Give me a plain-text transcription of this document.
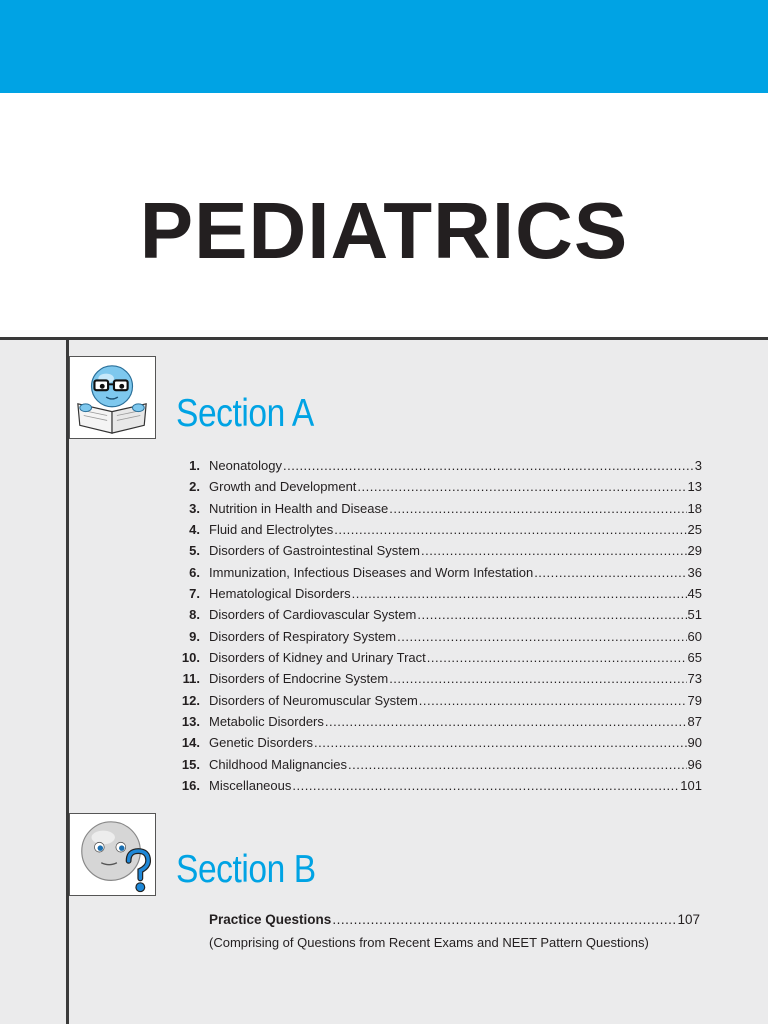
PEDIATRICS
Section A
1. Neonatology .....	3
2. Growth and Development .....	13
3. Nutrition in Health and Disease .....	18
4. Fluid and Electrolytes .....	25
5. Disorders of Gastrointestinal System .....	29
6. Immunization, Infectious Diseases and Worm Infestation .....	36
7. Hematological Disorders .....	45
8. Disorders of Cardiovascular System .....	51
9. Disorders of Respiratory System .....	60
10. Disorders of Kidney and Urinary Tract .....	65
11. Disorders of Endocrine System .....	73
12. Disorders of Neuromuscular System .....	79
13. Metabolic Disorders .....	87
14. Genetic Disorders .....	90
15. Childhood Malignancies .....	96
16. Miscellaneous .....	101
Section B
Practice Questions .....	107
(Comprising of Questions from Recent Exams and NEET Pattern Questions)
